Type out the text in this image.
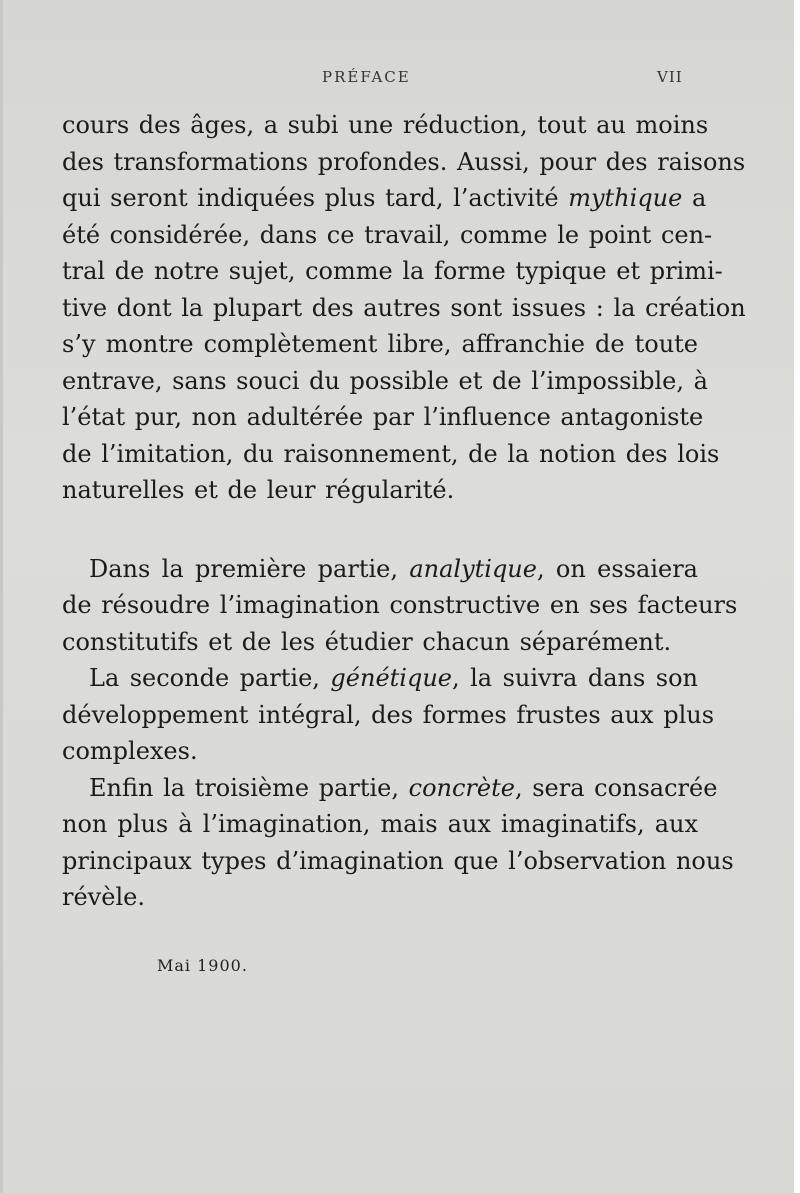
PRÉFACE	VII
cours des âges, a subi une réduction, tout au moins
des transformations profondes. Aussi, pour des raisons
qui seront indiquées plus tard, l’activité mythique a
été considérée, dans ce travail, comme le point cen-
tral de notre sujet, comme la forme typique et primi-
tive dont la plupart des autres sont issues : la création
s’y montre complètement libre, affranchie de toute
entrave, sans souci du possible et de l’impossible, à
l’état pur, non adultérée par l’influence antagoniste
de l’imitation, du raisonnement, de la notion des lois
naturelles et de leur régularité.
Dans la première partie, analytique, on essaiera
de résoudre l’imagination constructive en ses facteurs
constitutifs et de les étudier chacun séparément.
La seconde partie, génétique, la suivra dans son
développement intégral, des formes frustes aux plus
complexes.
Enfin la troisième partie, concrète, sera consacrée
non plus à l’imagination, mais aux imaginatifs, aux
principaux types d’imagination que l’observation nous
révèle.
Mai 1900.
